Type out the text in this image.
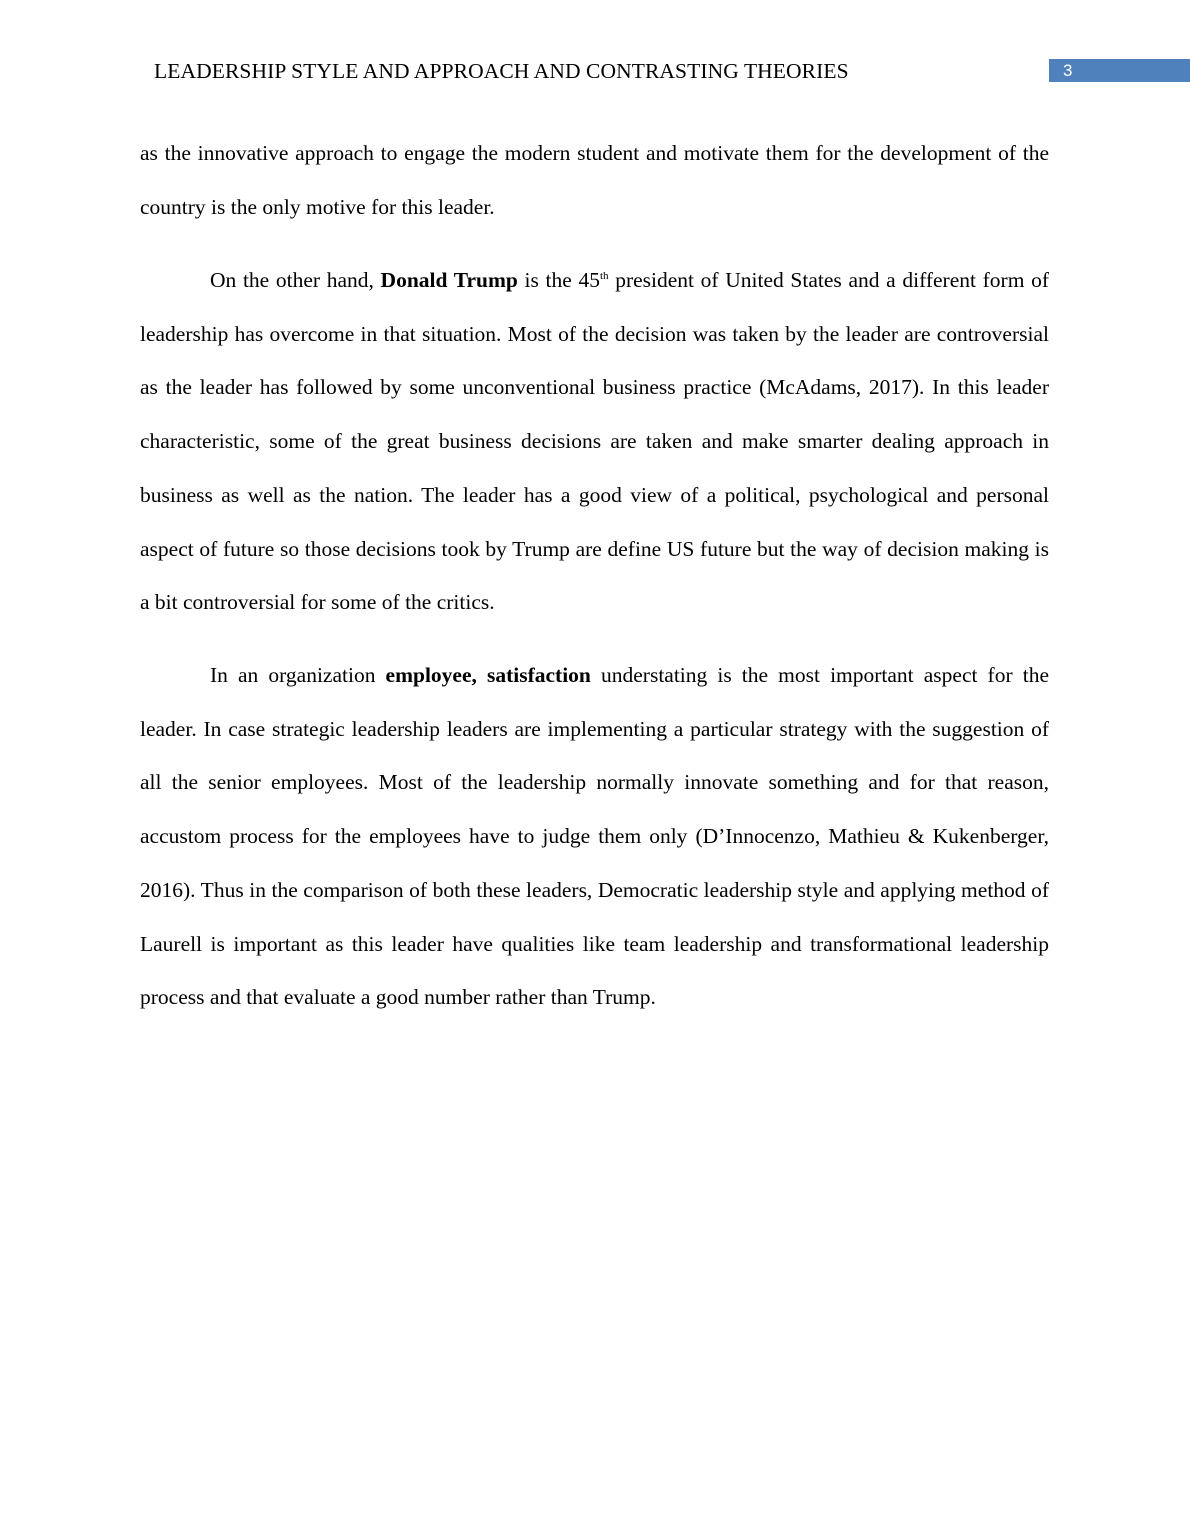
LEADERSHIP STYLE AND APPROACH AND CONTRASTING THEORIES	3

as the innovative approach to engage the modern student and motivate them for the development of the country is the only motive for this leader.

On the other hand, Donald Trump is the 45th president of United States and a different form of leadership has overcome in that situation. Most of the decision was taken by the leader are controversial as the leader has followed by some unconventional business practice (McAdams, 2017). In this leader characteristic, some of the great business decisions are taken and make smarter dealing approach in business as well as the nation. The leader has a good view of a political, psychological and personal aspect of future so those decisions took by Trump are define US future but the way of decision making is a bit controversial for some of the critics.

In an organization employee, satisfaction understating is the most important aspect for the leader. In case strategic leadership leaders are implementing a particular strategy with the suggestion of all the senior employees. Most of the leadership normally innovate something and for that reason, accustom process for the employees have to judge them only (D’Innocenzo, Mathieu & Kukenberger, 2016). Thus in the comparison of both these leaders, Democratic leadership style and applying method of Laurell is important as this leader have qualities like team leadership and transformational leadership process and that evaluate a good number rather than Trump.
